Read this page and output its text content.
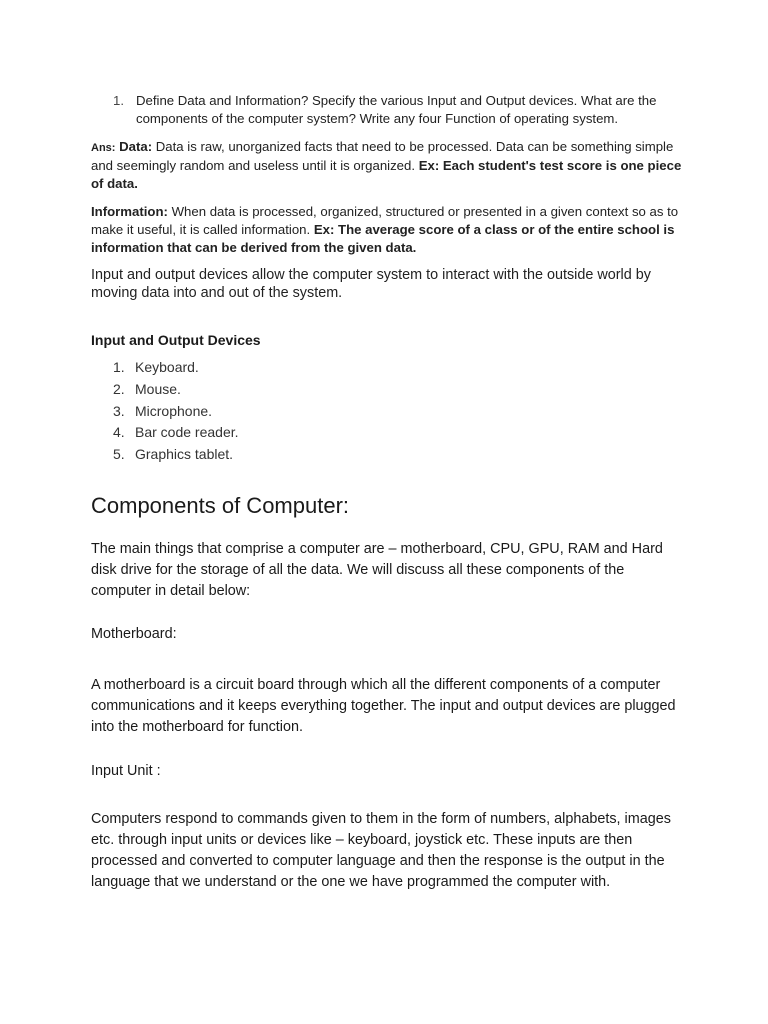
1. Define Data and Information? Specify the various Input and Output devices. What are the components of the computer system? Write any four Function of operating system.
Ans: Data: Data is raw, unorganized facts that need to be processed. Data can be something simple and seemingly random and useless until it is organized. Ex: Each student's test score is one piece of data.
Information: When data is processed, organized, structured or presented in a given context so as to make it useful, it is called information. Ex: The average score of a class or of the entire school is information that can be derived from the given data.
Input and output devices allow the computer system to interact with the outside world by moving data into and out of the system.
Input and Output Devices
1. Keyboard.
2. Mouse.
3. Microphone.
4. Bar code reader.
5. Graphics tablet.
Components of Computer:
The main things that comprise a computer are – motherboard, CPU, GPU, RAM and Hard disk drive for the storage of all the data. We will discuss all these components of the computer in detail below:
Motherboard:
A motherboard is a circuit board through which all the different components of a computer communications and it keeps everything together. The input and output devices are plugged into the motherboard for function.
Input Unit :
Computers respond to commands given to them in the form of numbers, alphabets, images etc. through input units or devices like – keyboard, joystick etc. These inputs are then processed and converted to computer language and then the response is the output in the language that we understand or the one we have programmed the computer with.
